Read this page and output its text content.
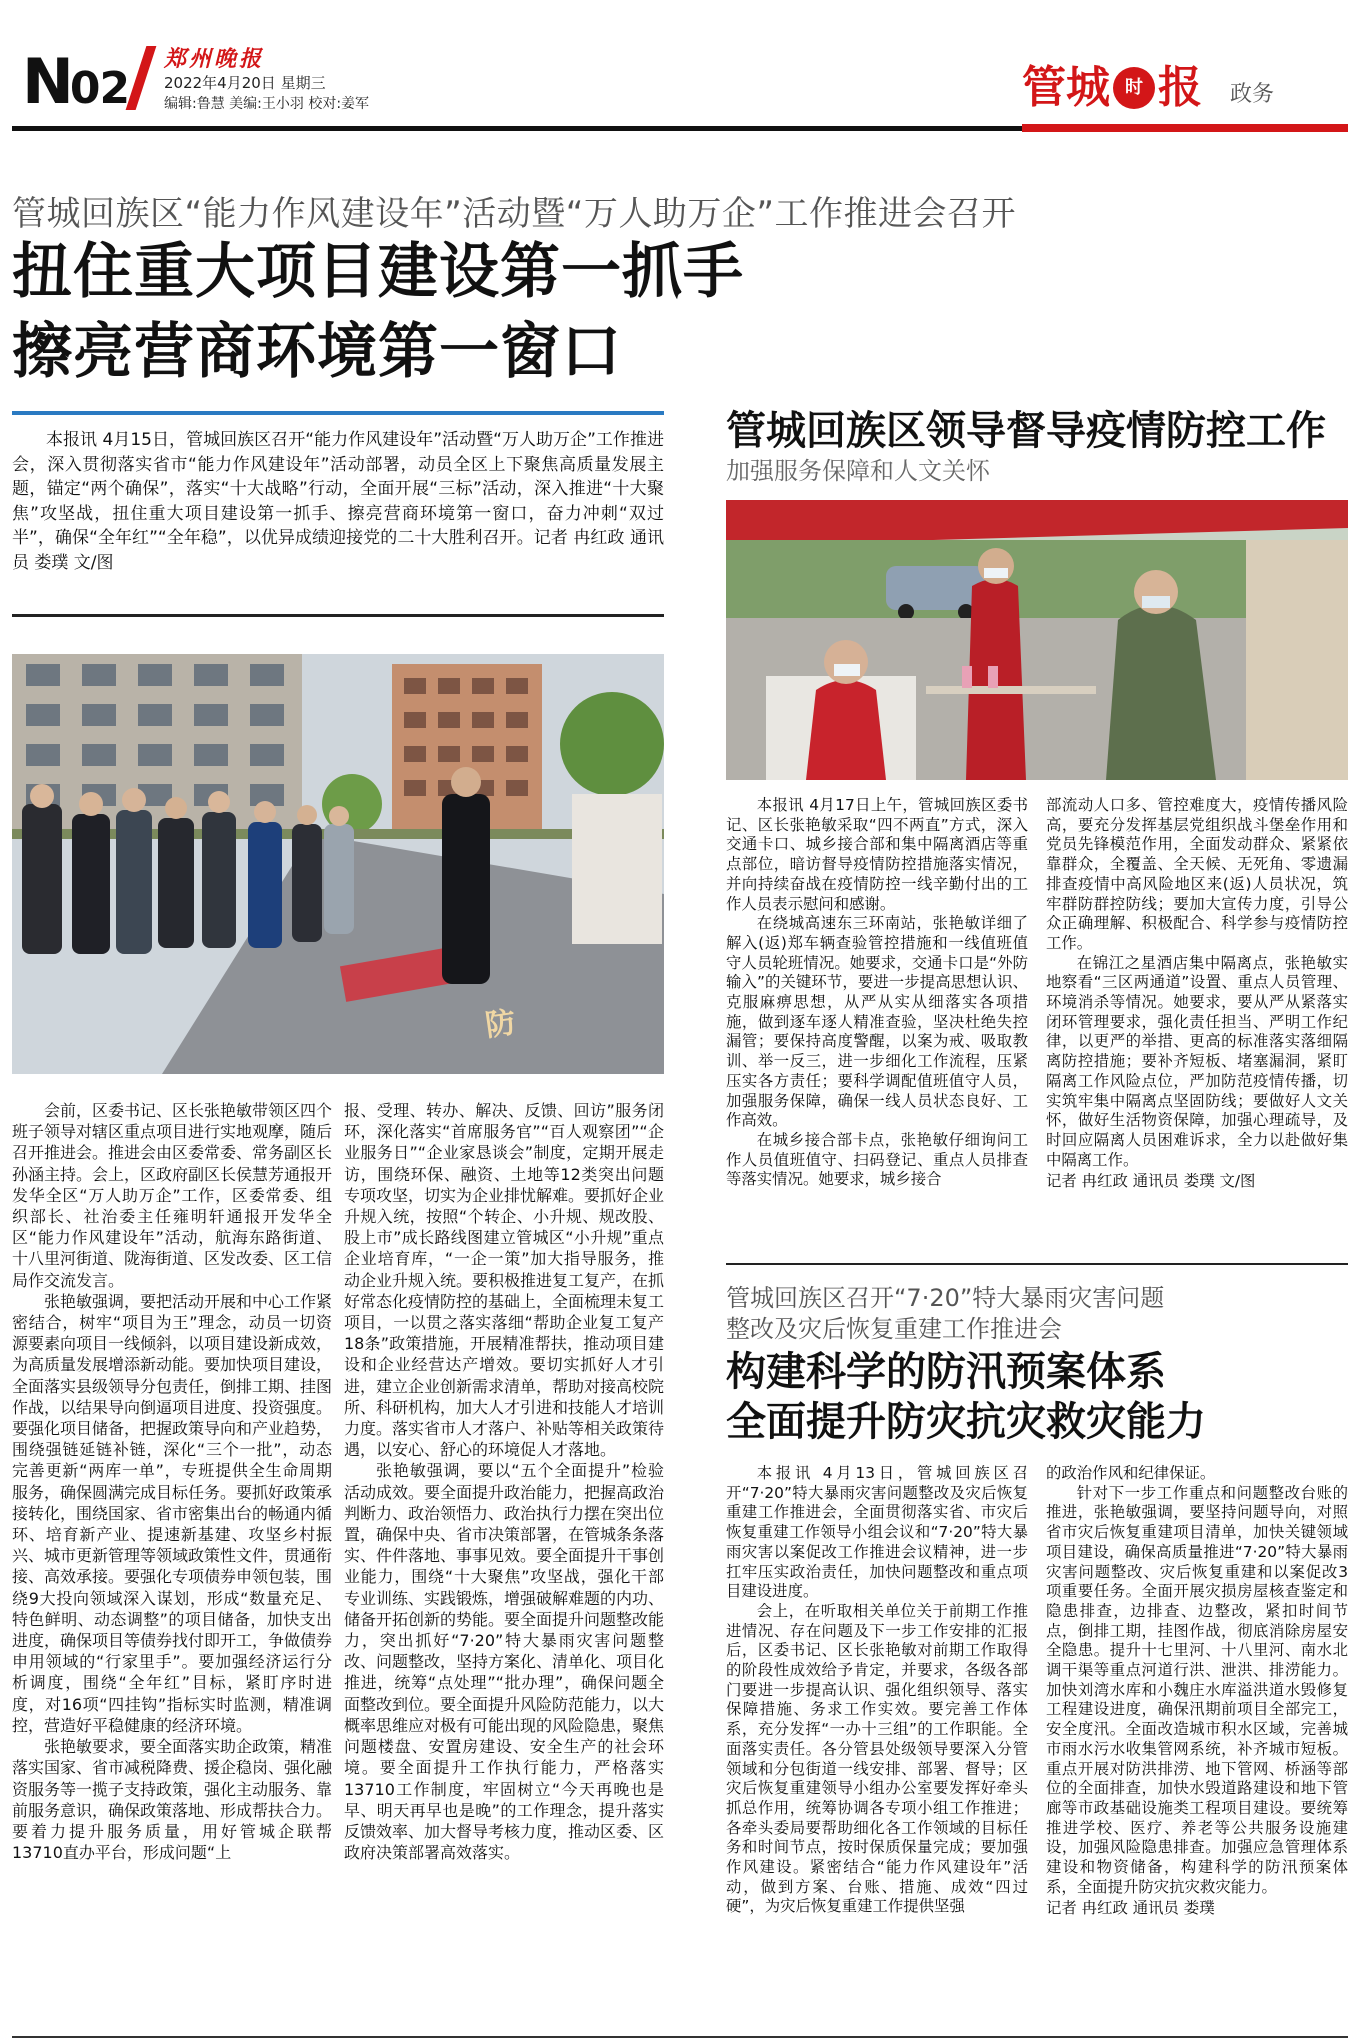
N02
郑州晚报
2022年4月20日 星期三
编辑:鲁慧 美编:王小羽 校对:姜军	管城 时 报 政务
管城回族区“能力作风建设年”活动暨“万人助万企”工作推进会召开
扭住重大项目建设第一抓手
擦亮营商环境第一窗口

本报讯 4月15日，管城回族区召开“能力作风建设年”活动暨“万人助万企”工作推进会，深入贯彻落实省市“能力作风建设年”活动部署，动员全区上下聚焦高质量发展主题，锚定“两个确保”，落实“十大战略”行动，全面开展“三标”活动，深入推进“十大聚焦”攻坚战，扭住重大项目建设第一抓手、擦亮营商环境第一窗口，奋力冲刺“双过半”，确保“全年红”“全年稳”，以优异成绩迎接党的二十大胜利召开。记者 冉红政 通讯员 娄璞 文/图

防

会前，区委书记、区长张艳敏带领区四个班子领导对辖区重点项目进行实地观摩，随后召开推进会。推进会由区委常委、常务副区长孙涵主持。会上，区政府副区长侯慧芳通报开发华全区“万人助万企”工作，区委常委、组织部长、社治委主任雍明轩通报开发华全区“能力作风建设年”活动，航海东路街道、十八里河街道、陇海街道、区发改委、区工信局作交流发言。

张艳敏强调，要把活动开展和中心工作紧密结合，树牢“项目为王”理念，动员一切资源要素向项目一线倾斜，以项目建设新成效，为高质量发展增添新动能。要加快项目建设，全面落实县级领导分包责任，倒排工期、挂图作战，以结果导向倒逼项目进度、投资强度。要强化项目储备，把握政策导向和产业趋势，围绕强链延链补链，深化“三个一批”，动态完善更新“两库一单”，专班提供全生命周期服务，确保圆满完成目标任务。要抓好政策承接转化，围绕国家、省市密集出台的畅通内循环、培育新产业、提速新基建、攻坚乡村振兴、城市更新管理等领域政策性文件，贯通衔接、高效承接。要强化专项债券申领包装，围绕9大投向领域深入谋划，形成“数量充足、特色鲜明、动态调整”的项目储备，加快支出进度，确保项目等债券找付即开工，争做债券申用领域的“行家里手”。要加强经济运行分析调度，围绕“全年红”目标，紧盯序时进度，对16项“四挂钩”指标实时监测，精准调控，营造好平稳健康的经济环境。

张艳敏要求，要全面落实助企政策，精准落实国家、省市减税降费、援企稳岗、强化融资服务等一揽子支持政策，强化主动服务、靠前服务意识，确保政策落地、形成帮扶合力。要着力提升服务质量，用好管城企联帮13710直办平台，形成问题“上

报、受理、转办、解决、反馈、回访”服务闭环，深化落实“首席服务官”“百人观察团”“企业服务日”“企业家恳谈会”制度，定期开展走访，围绕环保、融资、土地等12类突出问题专项攻坚，切实为企业排忧解难。要抓好企业升规入统，按照“个转企、小升规、规改股、股上市”成长路线图建立管城区“小升规”重点企业培育库，“一企一策”加大指导服务，推动企业升规入统。要积极推进复工复产，在抓好常态化疫情防控的基础上，全面梳理未复工项目，一以贯之落实落细“帮助企业复工复产18条”政策措施，开展精准帮扶，推动项目建设和企业经营达产增效。要切实抓好人才引进，建立企业创新需求清单，帮助对接高校院所、科研机构，加大人才引进和技能人才培训力度。落实省市人才落户、补贴等相关政策待遇，以安心、舒心的环境促人才落地。

张艳敏强调，要以“五个全面提升”检验活动成效。要全面提升政治能力，把握高政治判断力、政治领悟力、政治执行力摆在突出位置，确保中央、省市决策部署，在管城条条落实、件件落地、事事见效。要全面提升干事创业能力，围绕“十大聚焦”攻坚战，强化干部专业训练、实践锻炼，增强破解难题的内功、储备开拓创新的势能。要全面提升问题整改能力，突出抓好“7·20”特大暴雨灾害问题整改、问题整改，坚持方案化、清单化、项目化推进，统筹“点处理”“批办理”，确保问题全面整改到位。要全面提升风险防范能力，以大概率思维应对极有可能出现的风险隐患，聚焦问题楼盘、安置房建设、安全生产的社会环境。要全面提升工作执行能力，严格落实13710工作制度，牢固树立“今天再晚也是早、明天再早也是晚”的工作理念，提升落实反馈效率、加大督导考核力度，推动区委、区政府决策部署高效落实。

管城回族区领导督导疫情防控工作
加强服务保障和人文关怀

本报讯 4月17日上午，管城回族区委书记、区长张艳敏采取“四不两直”方式，深入交通卡口、城乡接合部和集中隔离酒店等重点部位，暗访督导疫情防控措施落实情况，并向持续奋战在疫情防控一线辛勤付出的工作人员表示慰问和感谢。

在绕城高速东三环南站，张艳敏详细了解入(返)郑车辆查验管控措施和一线值班值守人员轮班情况。她要求，交通卡口是“外防输入”的关键环节，要进一步提高思想认识、克服麻痹思想，从严从实从细落实各项措施，做到逐车逐人精准查验，坚决杜绝失控漏管；要保持高度警醒，以案为戒、吸取教训、举一反三，进一步细化工作流程，压紧压实各方责任；要科学调配值班值守人员，加强服务保障，确保一线人员状态良好、工作高效。

在城乡接合部卡点，张艳敏仔细询问工作人员值班值守、扫码登记、重点人员排查等落实情况。她要求，城乡接合

部流动人口多、管控难度大，疫情传播风险高，要充分发挥基层党组织战斗堡垒作用和党员先锋模范作用，全面发动群众、紧紧依靠群众，全覆盖、全天候、无死角、零遗漏排查疫情中高风险地区来(返)人员状况，筑牢群防群控防线；要加大宣传力度，引导公众正确理解、积极配合、科学参与疫情防控工作。

在锦江之星酒店集中隔离点，张艳敏实地察看“三区两通道”设置、重点人员管理、环境消杀等情况。她要求，要从严从紧落实闭环管理要求，强化责任担当、严明工作纪律，以更严的举措、更高的标准落实落细隔离防控措施；要补齐短板、堵塞漏洞，紧盯隔离工作风险点位，严加防范疫情传播，切实筑牢集中隔离点坚固防线；要做好人文关怀，做好生活物资保障，加强心理疏导，及时回应隔离人员困难诉求，全力以赴做好集中隔离工作。

记者 冉红政 通讯员 娄璞 文/图

管城回族区召开“7·20”特大暴雨灾害问题
整改及灾后恢复重建工作推进会
构建科学的防汛预案体系
全面提升防灾抗灾救灾能力

本报讯 4月13日，管城回族区召开“7·20”特大暴雨灾害问题整改及灾后恢复重建工作推进会，全面贯彻落实省、市灾后恢复重建工作领导小组会议和“7·20”特大暴雨灾害以案促改工作推进会议精神，进一步扛牢压实政治责任，加快问题整改和重点项目建设进度。

会上，在听取相关单位关于前期工作推进情况、存在问题及下一步工作安排的汇报后，区委书记、区长张艳敏对前期工作取得的阶段性成效给予肯定，并要求，各级各部门要进一步提高认识、强化组织领导、落实保障措施、务求工作实效。要完善工作体系，充分发挥“一办十三组”的工作职能。全面落实责任。各分管县处级领导要深入分管领域和分包街道一线安排、部署、督导；区灾后恢复重建领导小组办公室要发挥好牵头抓总作用，统筹协调各专项小组工作推进；各牵头委局要帮助细化各工作领域的目标任务和时间节点，按时保质保量完成；要加强作风建设。紧密结合“能力作风建设年”活动，做到方案、台账、措施、成效“四过硬”，为灾后恢复重建工作提供坚强

的政治作风和纪律保证。

针对下一步工作重点和问题整改台账的推进，张艳敏强调，要坚持问题导向，对照省市灾后恢复重建项目清单，加快关键领域项目建设，确保高质量推进“7·20”特大暴雨灾害问题整改、灾后恢复重建和以案促改3项重要任务。全面开展灾损房屋核查鉴定和隐患排查，边排查、边整改，紧扣时间节点，倒排工期，挂图作战，彻底消除房屋安全隐患。提升十七里河、十八里河、南水北调干渠等重点河道行洪、泄洪、排涝能力。加快刘湾水库和小魏庄水库溢洪道水毁修复工程建设进度，确保汛期前项目全部完工，安全度汛。全面改造城市积水区域，完善城市雨水污水收集管网系统，补齐城市短板。重点开展对防洪排涝、地下管网、桥涵等部位的全面排查，加快水毁道路建设和地下管廊等市政基础设施类工程项目建设。要统筹推进学校、医疗、养老等公共服务设施建设，加强风险隐患排查。加强应急管理体系建设和物资储备，构建科学的防汛预案体系，全面提升防灾抗灾救灾能力。

记者 冉红政 通讯员 娄璞
